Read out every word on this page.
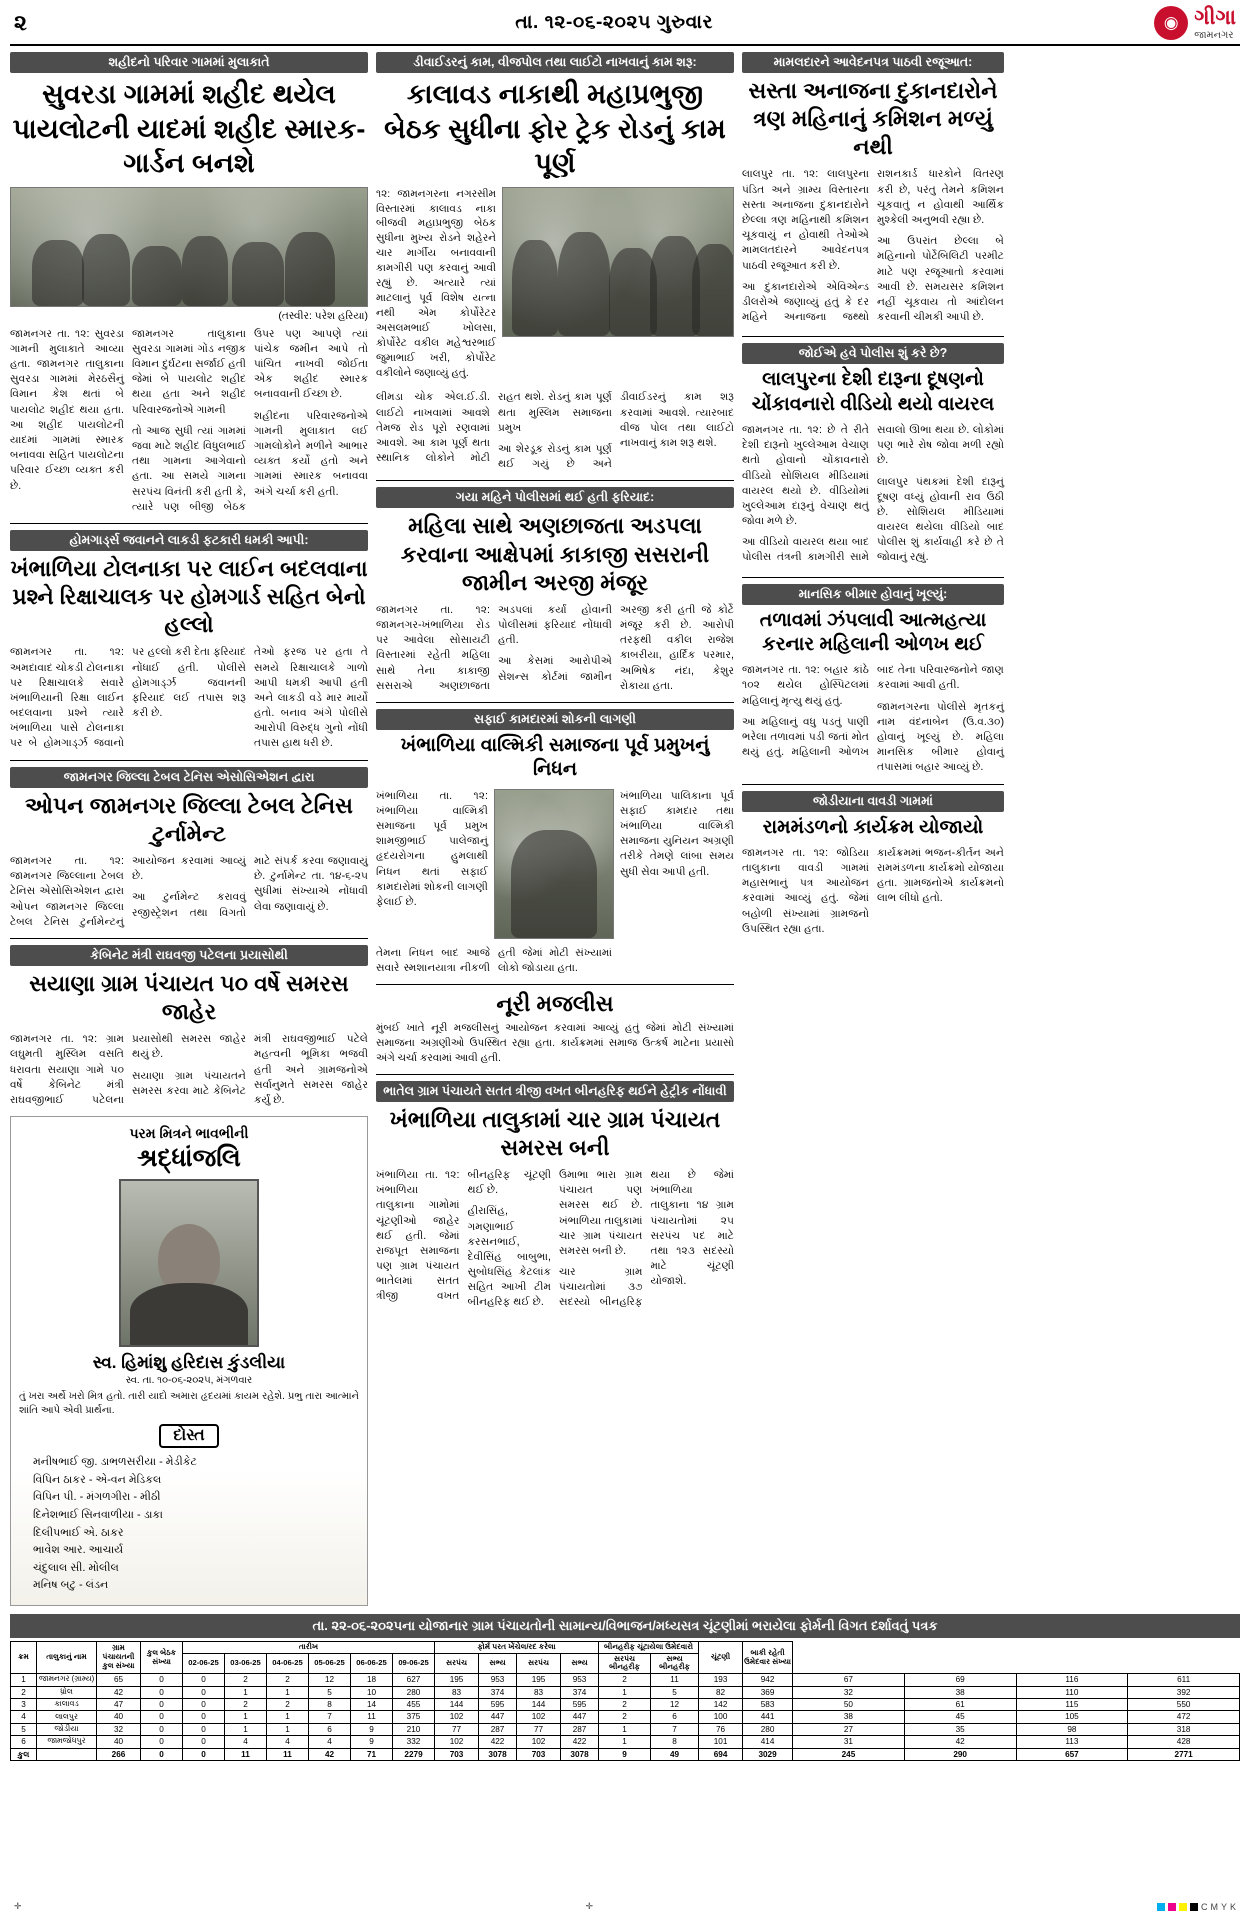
૨	તા. ૧૨-૦૬-૨૦૨૫ ગુરુવાર	◉ ગીગા
જામનગર
શહીદનો પરિવાર ગામમાં મુલાકાતે
સુવરડા ગામમાં શહીદ થયેલ પાયલોટની યાદમાં શહીદ સ્મારક-ગાર્ડન બનશે
(તસ્વીર: પરેશ હરિયા)

જામનગર તા. ૧૨: સુવરડા ગામની મુલાકાતે આવ્યા હતા. જામનગર તાલુકાના સુવરડા ગામમાં મેરઠસૈનું વિમાન કેશ થતાં બે પાયલોટ શહીદ થયા હતા. આ શહીદ પાયલોટની યાદમાં ગામમાં સ્મારક બનાવવા સહિત પાયલોટના પરિવાર ઈચ્છા વ્યક્ત કરી છે.

જામનગર તાલુકાના સુવરડા ગામમાં ગોંડ નજીક વિમાન દુર્ઘટના સર્જાઈ હતી જેમાં બે પાયલોટ શહીદ થયા હતા અને શહીદ પરિવારજનોએ ગામની

તો આજ સુધી ત્યાં ગામમાં જવા માટે શહીદ વિધુલભાઈ તથા ગામના આગેવાનો હતા. આ સમયે ગામના સરપંચ વિનંતી કરી હતી કે, ત્યારે પણ બીજી બેઠક ઉપર પણ આપણે ત્યાં પાંચેક જમીન આપે તો પાંચિત નાખવી જોઈતા એક શહીદ સ્મારક બનાવવાની ઈચ્છા છે.

શહીદના પરિવારજનોએ ગામની મુલાકાત લઈ ગામલોકોને મળીને આભાર વ્યક્ત કર્યો હતો અને ગામમાં સ્મારક બનાવવા અંગે ચર્ચા કરી હતી.

હોમગાર્ડ્સ જવાનને લાકડી ફટકારી ધમકી આપી:
ખંભાળિયા ટોલનાકા પર લાઈન બદલવાના પ્રશ્ને રિક્ષાચાલક પર હોમગાર્ડ સહિત બેનો હલ્લો

જામનગર તા. ૧૨: અમદાવાદ ચોકડી ટોલનાકા પર રિક્ષાચાલકે સવારે ખંભાળિયાની રિક્ષા લાઈન બદલવાના પ્રશ્ને ત્યારે ખંભાળિયા પાસે ટોલનાકા પર બે હોમગાર્ડ્ઝ જવાનો પર હલ્લો કરી દેતા ફરિયાદ નોંધાઈ હતી. પોલીસે હોમગાર્ડ્ઝ જવાનની ફરિયાદ લઈ તપાસ શરૂ કરી છે.

તેઓ ફરજ પર હતા તે સમયે રિક્ષાચાલકે ગાળો આપી ધમકી આપી હતી અને લાકડી વડે માર માર્યો હતો. બનાવ અંગે પોલીસે આરોપી વિરુદ્ધ ગુનો નોંધી તપાસ હાથ ધરી છે.

જામનગર જિલ્લા ટેબલ ટેનિસ એસોસિએશન દ્વારા
ઓપન જામનગર જિલ્લા ટેબલ ટેનિસ ટુર્નામેન્ટ

જામનગર તા. ૧૨: જામનગર જિલ્લાના ટેબલ ટેનિસ એસોસિએશન દ્વારા ઓપન જામનગર જિલ્લા ટેબલ ટેનિસ ટુર્નામેન્ટનું આયોજન કરવામાં આવ્યું છે.

આ ટુર્નામેન્ટ કરાવવું રજીસ્ટ્રેશન તથા વિગતો માટે સંપર્ક કરવા જણાવાયું છે. ટુર્નામેન્ટ તા. ૧૪-૬-૨૫ સુધીમાં સંખ્યાએ નોંધાવી લેવા જણાવાયું છે.

કેબિનેટ મંત્રી રાઘવજી પટેલના પ્રયાસોથી
સયાણા ગ્રામ પંચાયત ૫૦ વર્ષે સમરસ જાહેર

જામનગર તા. ૧૨: ગ્રામ લઘુમતી મુસ્લિમ વસતિ ધરાવતા સયાણા ગામે ૫૦ વર્ષે કેબિનેટ મંત્રી રાઘવજીભાઈ પટેલના પ્રયાસોથી સમરસ જાહેર થયું છે.

સયાણા ગ્રામ પંચાયતને સમરસ કરવા માટે કેબિનેટ મંત્રી રાઘવજીભાઈ પટેલે મહત્વની ભૂમિકા ભજવી હતી અને ગ્રામજનોએ સર્વાનુમતે સમરસ જાહેર કર્યું છે.

પરમ મિત્રને ભાવભીની
શ્રદ્ધાંજલિ
સ્વ. હિમાંશુ હરિદાસ કુંડલીયા
સ્વ. તા. ૧૦-૦૬-૨૦૨૫, મંગળવાર
તું ખરા અર્થે ખરો મિત્ર હતો. તારી યાદો અમારા હૃદયમાં કાયમ રહેશે. પ્રભુ તારા આત્માને શાંતિ આપે એવી પ્રાર્થના.
દોસ્ત
મનીષભાઈ જી. ડાભળસરીયા - મેડીકેટ
વિપિન ઠાકર - એ-વન મેડિકલ
વિપિન પી. - મંગળગીરા - મીઠી
દિનેશભાઈ સિનવાળીયા - ડાકા
દિલીપભાઈ એ. ઠાકર
ભાવેશ આર. આચાર્ય
ચંદુલાલ સી. મોલીલ
મનિષ બટુ - લંડન
ડીવાઈડરનું કામ, વીજપોલ તથા લાઈટો નાખવાનું કામ શરૂ:
કાલાવડ નાકાથી મહાપ્રભુજી બેઠક સુધીના ફોર ટ્રેક રોડનું કામ પૂર્ણ

૧૨: જામનગરના નગરસીમ વિસ્તારમાં કાલાવડ નાકા બીજવી મહાપ્રભુજી બેઠક સુધીના મુખ્ય રોડને શહેરને ચાર માર્ગીય બનાવવાની કામગીરી પણ કરવાનું આવી રહ્યું છે. અત્યારે ત્યાં માટલાનું પૂર્વ વિશેષ યત્ના નથી એમ કોર્પોરેટર અસલમભાઈ ખોલસા, કોર્પોરેટ વકીલ મહેશ્વરભાઈ જુમાભાઈ ખરી, કોર્પોરેટ વકીલોને જણાવ્યું હતું.

લીમડા ચોક એલ.ઈ.ડી. લાઈટો નાખવામાં આવશે તેમજ રોડ પૂરો રણવામાં આવશે. આ કામ પૂર્ણ થતા સ્થાનિક લોકોને મોટી રાહત થશે. રોડનું કામ પૂર્ણ થતા મુસ્લિમ સમાજના પ્રમુખ

આ શેરડૂક રોડનું કામ પૂર્ણ થઈ ગયું છે અને ડીવાઈડરનું કામ શરૂ કરવામાં આવશે. ત્યારબાદ વીજ પોલ તથા લાઈટો નાખવાનું કામ શરૂ થશે.

ગયા મહિને પોલીસમાં થઈ હતી ફરિયાદ:
મહિલા સાથે અણછાજતા અડપલા કરવાના આક્ષેપમાં કાકાજી સસરાની જામીન અરજી મંજૂર

જામનગર તા. ૧૨: જામનગર-ખંભાળિયા રોડ પર આવેલા સોસાયટી વિસ્તારમાં રહેતી મહિલા સાથે તેના કાકાજી સસરાએ અણછાજતા અડપલાં કર્યાં હોવાની પોલીસમાં ફરિયાદ નોંધાવી હતી.

આ કેસમાં આરોપીએ સેશન્સ કોર્ટમાં જામીન અરજી કરી હતી જે કોર્ટે મંજૂર કરી છે. આરોપી તરફથી વકીલ રાજેશ કાબરીયા, હાર્દિક પરમાર, અભિષેક નંદા, કેશુર રોકાયા હતા.

સફાઈ કામદારમાં શોકની લાગણી
ખંભાળિયા વાલ્મિકી સમાજના પૂર્વ પ્રમુખનું નિધન

ખંભાળિયા તા. ૧૨: ખંભાળિયા વાલ્મિકી સમાજના પૂર્વ પ્રમુખ શામજીભાઈ પાલેજાનું હૃદયરોગના હુમલાથી નિધન થતાં સફાઈ કામદારોમાં શોકની લાગણી ફેલાઈ છે.

ખંભાળિયા પાલિકાના પૂર્વ સફાઈ કામદાર તથા ખંભાળિયા વાલ્મિકી સમાજના યુનિયન અગ્રણી તરીકે તેમણે લાંબા સમય સુધી સેવા આપી હતી.

તેમના નિધન બાદ આજે સવારે સ્મશાનયાત્રા નીકળી હતી જેમાં મોટી સંખ્યામાં લોકો જોડાયા હતા.

નૂરી મજલીસ
મુંબઈ ખાતે નૂરી મજલીસનું આયોજન કરવામાં આવ્યું હતું જેમાં મોટી સંખ્યામાં સમાજના અગ્રણીઓ ઉપસ્થિત રહ્યા હતા. કાર્યક્રમમાં સમાજ ઉત્કર્ષ માટેના પ્રયાસો અંગે ચર્ચા કરવામાં આવી હતી.
ભાતેલ ગ્રામ પંચાયતે સતત ત્રીજી વખત બીનહરિફ થઈને હેટ્રીક નોંધાવી
ખંભાળિયા તાલુકામાં ચાર ગ્રામ પંચાયત સમરસ બની

ખંભાળિયા તા. ૧૨: ખંભાળિયા તાલુકાના ગામોમાં ચૂંટણીઓ જાહેર થઈ હતી. જેમાં રાજપૂત સમાજના પણ ગ્રામ પંચાયત ભાતેલમાં સતત ત્રીજી વખત બીનહરિફ ચૂંટણી થઈ છે.

હીરાસિંહ, ગમણાભાઈ કરસનભાઈ, દેવીસિંહ બાબુભા, સુબોધસિંહ કેટલાંક સહિત આખી ટીમ બીનહરિફ થઈ છે.

ઉમાભા ભારા ગ્રામ પંચાયત પણ સમરસ થઈ છે. ખંભાળિયા તાલુકામાં ચાર ગ્રામ પંચાયત સમરસ બની છે.

ચાર ગ્રામ પંચાયતોમાં ૩૭ સદસ્યો બીનહરિફ થયા છે જેમાં ખંભાળિયા તાલુકાના ૧૪ ગ્રામ પંચાયતોમાં ૨૫ સરપંચ પદ માટે તથા ૧૨૩ સદસ્યો માટે ચૂંટણી યોજાશે.

મામલદારને આવેદનપત્ર પાઠવી રજૂઆત:
સસ્તા અનાજના દુકાનદારોને ત્રણ મહિનાનું કમિશન મળ્યું નથી

લાલપુર તા. ૧૨: લાલપુરના પંડિત અને ગ્રામ્ય વિસ્તારના સસ્તા અનાજના દુકાનદારોને છેલ્લા ત્રણ મહિનાથી કમિશન ચૂકવાયું ન હોવાથી તેઓએ મામલતદારને આવેદનપત્ર પાઠવી રજૂઆત કરી છે.

આ દુકાનદારોએ એવિએન્ડ ડીલરોએ જણાવ્યું હતું કે દર મહિને અનાજના જથ્થો રાશનકાર્ડ ધારકોને વિતરણ કરી છે, પરંતુ તેમને કમિશન ચૂકવાતું ન હોવાથી આર્થિક મુશ્કેલી અનુભવી રહ્યા છે.

આ ઉપરાંત છેલ્લા બે મહિનાનો પોર્ટેબિલિટી પરમીટ માટે પણ રજૂઆતો કરવામાં આવી છે. સમયસર કમિશન નહીં ચૂકવાય તો આંદોલન કરવાની ચીમકી આપી છે.

જોઈએ હવે પોલીસ શું કરે છે?
લાલપુરના દેશી દારૂના દૂષણનો ચોંકાવનારો વીડિયો થયો વાયરલ

જામનગર તા. ૧૨: છે તે રીતે દેશી દારૂનો ખુલ્લેઆમ વેચાણ થતો હોવાનો ચોંકાવનારો વીડિયો સોશિયલ મીડિયામાં વાયરલ થયો છે. વીડિયોમાં ખુલ્લેઆમ દારૂનું વેચાણ થતું જોવા મળે છે.

આ વીડિયો વાયરલ થયા બાદ પોલીસ તંત્રની કામગીરી સામે સવાલો ઊભા થયા છે. લોકોમાં પણ ભારે રોષ જોવા મળી રહ્યો છે.

લાલપુર પંથકમાં દેશી દારૂનું દૂષણ વધ્યું હોવાની રાવ ઉઠી છે. સોશિયલ મીડિયામાં વાયરલ થયેલા વીડિયો બાદ પોલીસ શું કાર્યવાહી કરે છે તે જોવાનું રહ્યું.

માનસિક બીમાર હોવાનું ખૂલ્યું:
તળાવમાં ઝંપલાવી આત્મહત્યા કરનાર મહિલાની ઓળખ થઈ

જામનગર તા. ૧૨: બહાર કાંઠે ૧૦૨ થયેલ હોસ્પિટલમાં મહિલાનું મૃત્યુ થયું હતું.

આ મહિલાનું વધુ પડતું પાણી ભરેલા તળાવમાં પડી જતાં મોત થયું હતું. મહિલાની ઓળખ બાદ તેના પરિવારજનોને જાણ કરવામાં આવી હતી.

જામનગરના પોલીસે મૃતકનું નામ વંદનાબેન (ઉ.વ.૩૦) હોવાનું ખૂલ્યું છે. મહિલા માનસિક બીમાર હોવાનું તપાસમાં બહાર આવ્યું છે.

જોડીયાના વાવડી ગામમાં
રામમંડળનો કાર્યક્રમ યોજાયો

જામનગર તા. ૧૨: જોડિયા તાલુકાના વાવડી ગામમાં મહાસભાનું પત્ર આયોજન કરવામાં આવ્યું હતું. જેમાં બહોળી સંખ્યામાં ગ્રામજનો ઉપસ્થિત રહ્યા હતા.

કાર્યક્રમમાં ભજન-કીર્તન અને રામમંડળના કાર્યક્રમો યોજાયા હતા. ગ્રામજનોએ કાર્યક્રમનો લાભ લીધો હતો.

તા. ૨૨-૦૬-૨૦૨૫ના યોજાનાર ગ્રામ પંચાયતોની સામાન્ય/વિભાજન/મધ્યસત્ર ચૂંટણીમાં ભરાયેલા ફોર્મની વિગત દર્શાવતું પત્રક
ક્રમ	તાલુકાનું નામ	ગ્રામ પંચાયતની કુલ સંખ્યા	કુલ બેઠક સંખ્યા	તારીખ						ફોર્મ પરત ખેંચેલ/રદ કરેલા				બીનહરીફ ચૂંટાયેલા ઉમેદવારો		ચૂંટણી	બાકી રહેતી ઉમેદવાર સંખ્યા				
				02-06-25	03-06-25	04-06-25	05-06-25	06-06-25	09-06-25	સરપંચ	સભ્ય	સરપંચ	સભ્ય	સરપંચ બીનહરીફ	સભ્ય બીનહરીફ						
1	જામનગર (ગ્રામ્ય)	65	0	0	2	2	12	18	627	195	953	195	953	2	11	193	942	67	69	116	611
2	ધ્રોલ	42	0	0	1	1	5	10	280	83	374	83	374	1	5	82	369	32	38	110	392
3	કાલાવડ	47	0	0	2	2	8	14	455	144	595	144	595	2	12	142	583	50	61	115	550
4	લાલપુર	40	0	0	1	1	7	11	375	102	447	102	447	2	6	100	441	38	45	105	472
5	જોડીયા	32	0	0	1	1	6	9	210	77	287	77	287	1	7	76	280	27	35	98	318
6	જામજોધપુર	40	0	0	4	4	4	9	332	102	422	102	422	1	8	101	414	31	42	113	428
કુલ		266	0	0	11	11	42	71	2279	703	3078	703	3078	9	49	694	3029	245	290	657	2771
✛	✛	C M Y K
